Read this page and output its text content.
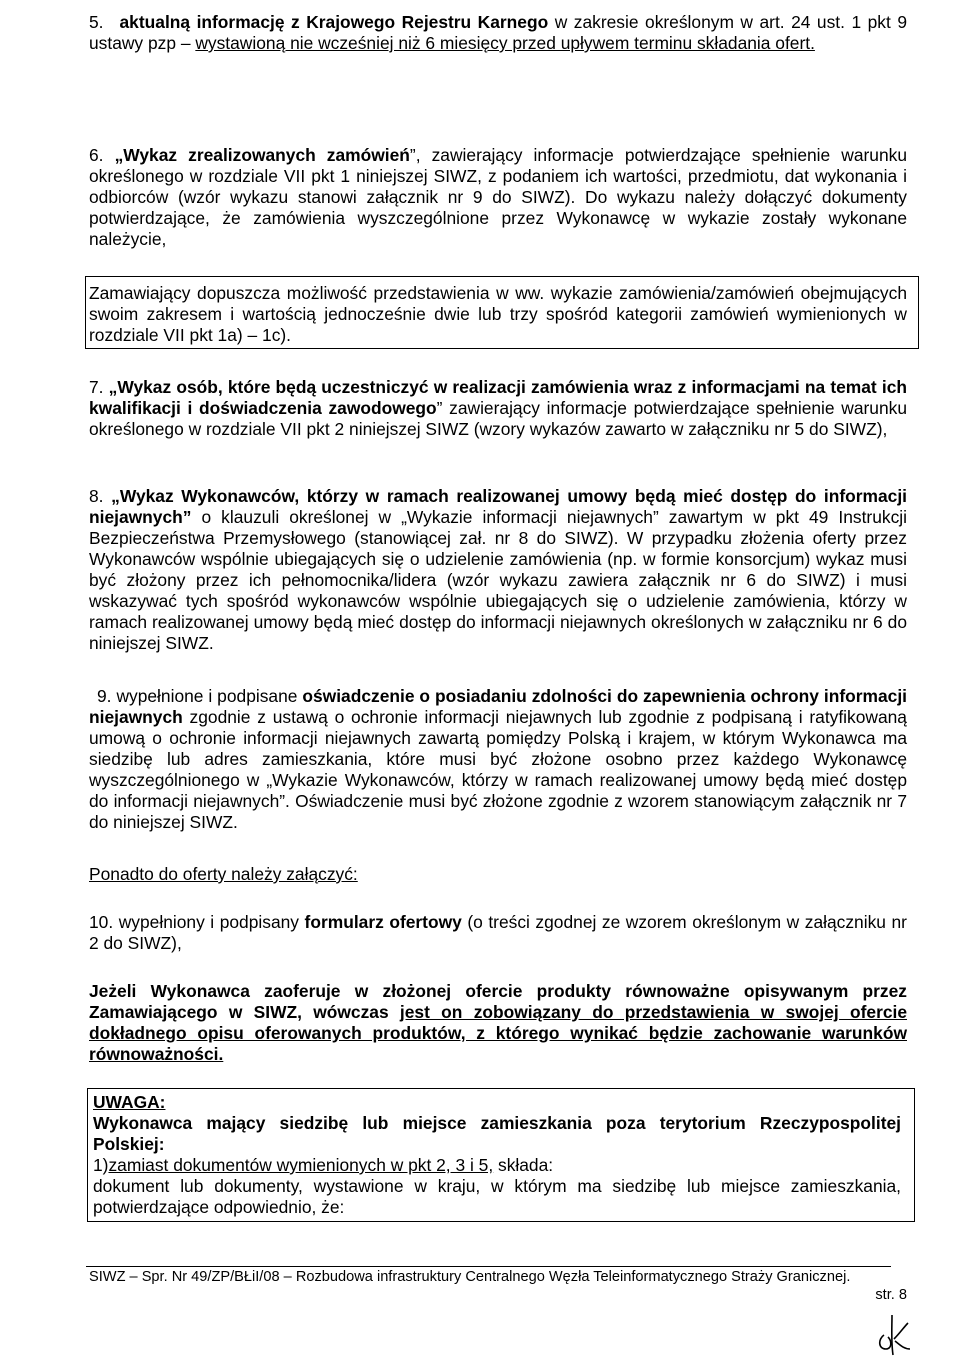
5. aktualną informację z Krajowego Rejestru Karnego w zakresie określonym w art. 24 ust. 1 pkt 9 ustawy pzp – wystawioną nie wcześniej niż 6 miesięcy przed upływem terminu składania ofert.
6. „Wykaz zrealizowanych zamówień”, zawierający informacje potwierdzające spełnienie warunku określonego w rozdziale VII pkt 1 niniejszej SIWZ, z podaniem ich wartości, przedmiotu, dat wykonania i odbiorców (wzór wykazu stanowi załącznik nr 9 do SIWZ). Do wykazu należy dołączyć dokumenty potwierdzające, że zamówienia wyszczególnione przez Wykonawcę w wykazie zostały wykonane należycie,
Zamawiający dopuszcza możliwość przedstawienia w ww. wykazie zamówienia/zamówień obejmujących swoim zakresem i wartością jednocześnie dwie lub trzy spośród kategorii zamówień wymienionych w rozdziale VII pkt 1a) – 1c).
7. „Wykaz osób, które będą uczestniczyć w realizacji zamówienia wraz z informacjami na temat ich kwalifikacji i doświadczenia zawodowego” zawierający informacje potwierdzające spełnienie warunku określonego w rozdziale VII pkt 2 niniejszej SIWZ (wzory wykazów zawarto w załączniku nr 5 do SIWZ),
8. „Wykaz Wykonawców, którzy w ramach realizowanej umowy będą mieć dostęp do informacji niejawnych” o klauzuli określonej w „Wykazie informacji niejawnych” zawartym w pkt 49 Instrukcji Bezpieczeństwa Przemysłowego (stanowiącej zał. nr 8 do SIWZ). W przypadku złożenia oferty przez Wykonawców wspólnie ubiegających się o udzielenie zamówienia (np. w formie konsorcjum) wykaz musi być złożony przez ich pełnomocnika/lidera (wzór wykazu zawiera załącznik nr 6 do SIWZ) i musi wskazywać tych spośród wykonawców wspólnie ubiegających się o udzielenie zamówienia, którzy w ramach realizowanej umowy będą mieć dostęp do informacji niejawnych określonych w załączniku nr 6 do niniejszej SIWZ.
9. wypełnione i podpisane oświadczenie o posiadaniu zdolności do zapewnienia ochrony informacji niejawnych zgodnie z ustawą o ochronie informacji niejawnych lub zgodnie z podpisaną i ratyfikowaną umową o ochronie informacji niejawnych zawartą pomiędzy Polską i krajem, w którym Wykonawca ma siedzibę lub adres zamieszkania, które musi być złożone osobno przez każdego Wykonawcę wyszczególnionego w „Wykazie Wykonawców, którzy w ramach realizowanej umowy będą mieć dostęp do informacji niejawnych”. Oświadczenie musi być złożone zgodnie z wzorem stanowiącym załącznik nr 7 do niniejszej SIWZ.
Ponadto do oferty należy załączyć:
10. wypełniony i podpisany formularz ofertowy (o treści zgodnej ze wzorem określonym w załączniku nr 2 do SIWZ),
Jeżeli Wykonawca zaoferuje w złożonej ofercie produkty równoważne opisywanym przez Zamawiającego w SIWZ, wówczas jest on zobowiązany do przedstawienia w swojej ofercie dokładnego opisu oferowanych produktów, z którego wynikać będzie zachowanie warunków równoważności.
UWAGA:
Wykonawca mający siedzibę lub miejsce zamieszkania poza terytorium Rzeczypospolitej Polskiej:
1)zamiast dokumentów wymienionych w pkt 2, 3 i 5, składa:
dokument lub dokumenty, wystawione w kraju, w którym ma siedzibę lub miejsce zamieszkania, potwierdzające odpowiednio, że:
SIWZ – Spr. Nr 49/ZP/BŁiI/08 – Rozbudowa infrastruktury Centralnego Węzła Teleinformatycznego Straży Granicznej.
str. 8
